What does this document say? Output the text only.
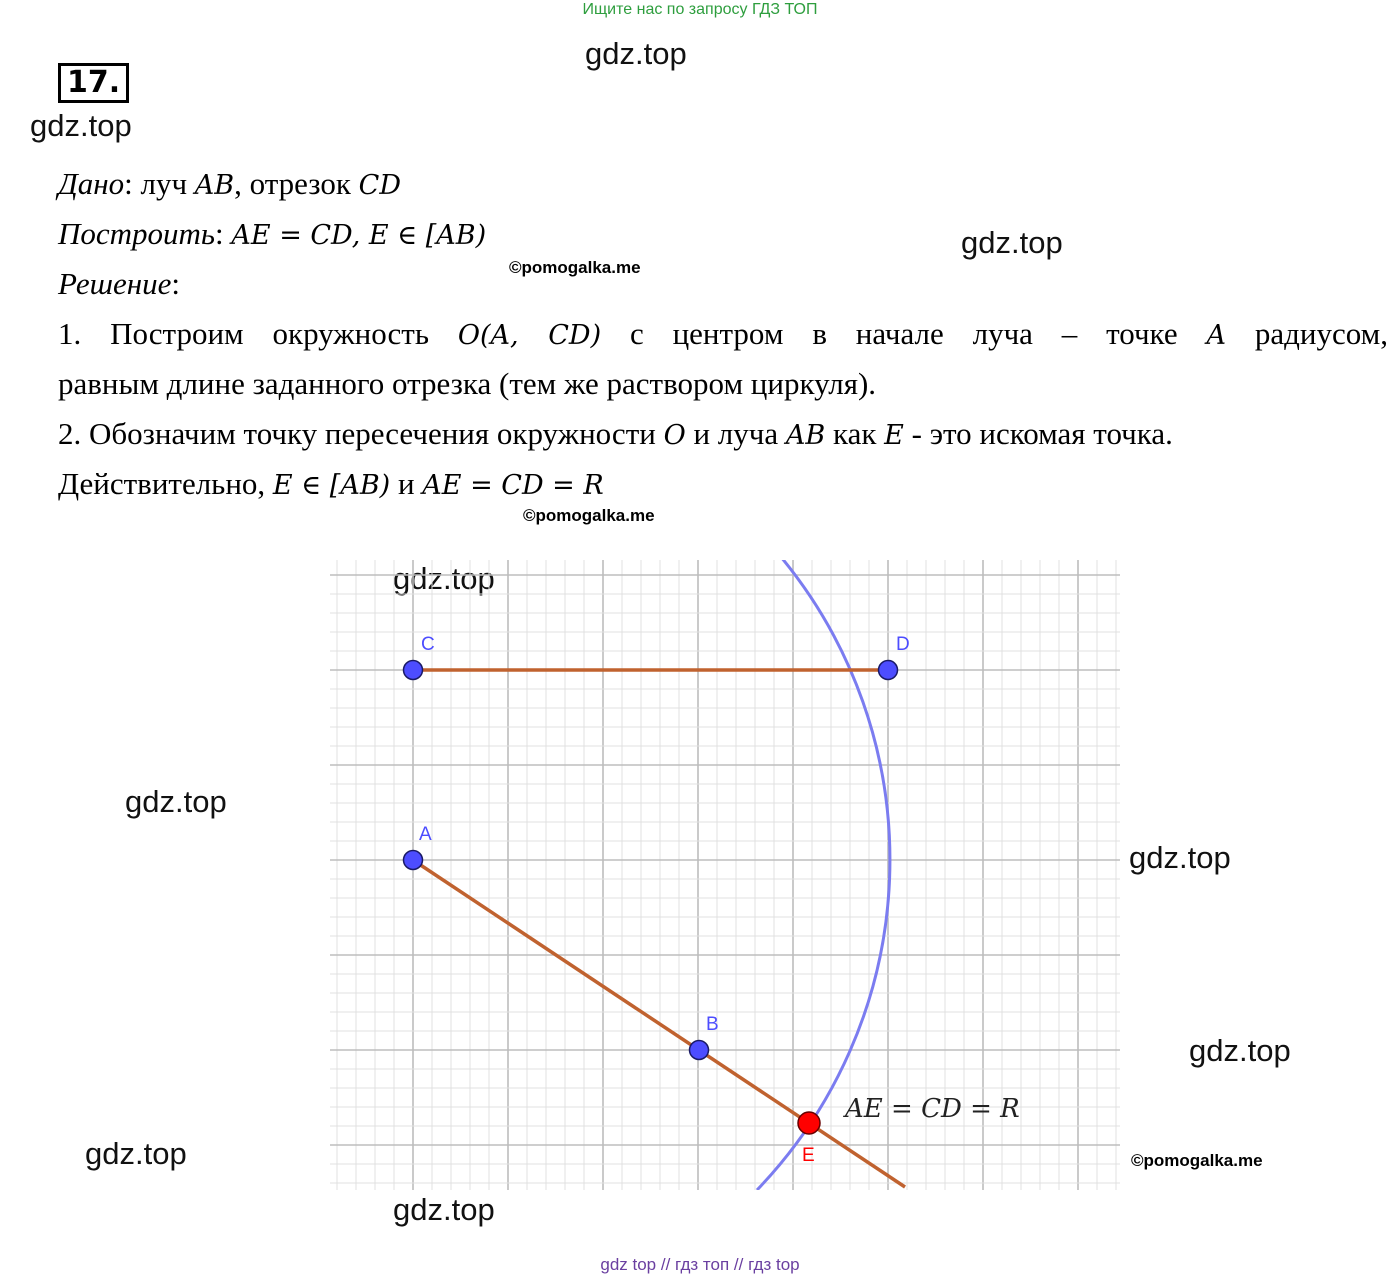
Ищите нас по запросу ГДЗ ТОП
gdz.top
gdz.top
gdz.top
gdz.top
gdz.top
gdz.top
gdz.top
gdz.top
gdz.top
17.
Дано: луч AB, отрезок CD
Построить: AE = CD, E ∈ [AB)
©pomogalka.me
Решение:
1. Построим окружность O(A, CD) с центром в начале луча – точке A радиусом,
равным длине заданного отрезка (тем же раствором циркуля).
2. Обозначим точку пересечения окружности O и луча AB как E - это искомая точка.
Действительно, E ∈ [AB) и AE = CD = R
©pomogalka.me
C	D
A
B
E
AE = CD = R
©pomogalka.me
gdz top // гдз топ // гдз top
